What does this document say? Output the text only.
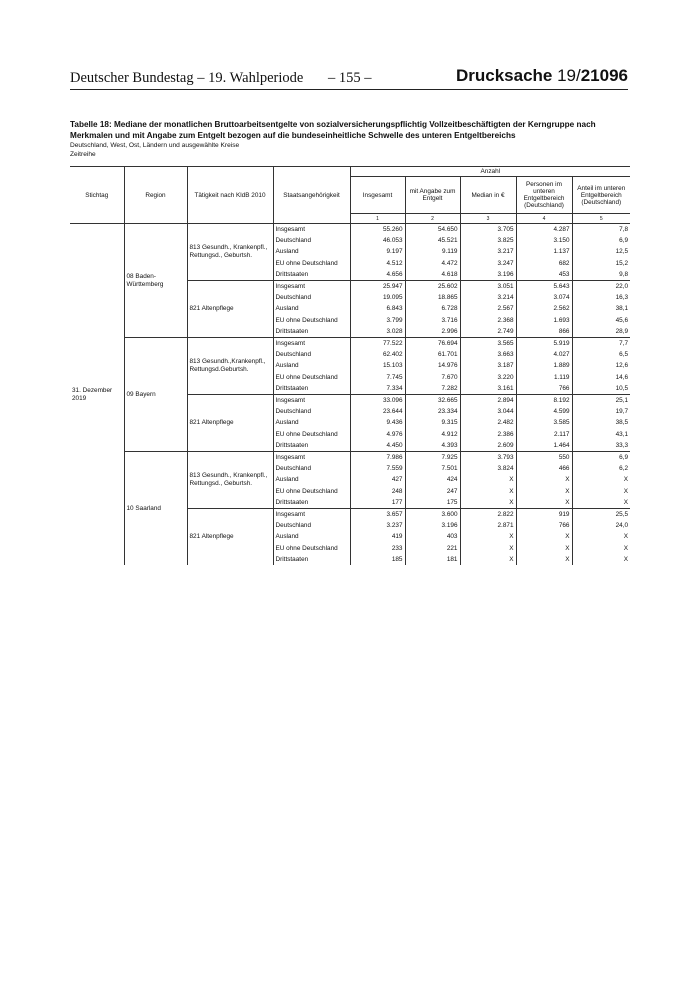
Deutscher Bundestag – 19. Wahlperiode – 155 –	Drucksache 19/21096
Tabelle 18: Mediane der monatlichen Bruttoarbeitsentgelte von sozialversicherungspflichtig Vollzeitbeschäftigten der Kerngruppe nach Merkmalen und mit Angabe zum Entgelt bezogen auf die bundeseinheitliche Schwelle des unteren Entgeltbereichs
Deutschland, West, Ost, Ländern und ausgewählte Kreise
Zeitreihe
Stichtag	Region	Tätigkeit nach KldB 2010	Staatsangehörigkeit	Anzahl				
				Insgesamt	mit Angabe zum Entgelt	Median in €	Personen im unteren Entgeltbereich (Deutschland)	Anteil im unteren Entgeltbereich (Deutschland)
				1	2	3	4	5
31. Dezember 2019	08 Baden-Württemberg	813 Gesundh., Krankenpfl., Rettungsd., Geburtsh.	Insgesamt	55.260	54.650	3.705	4.287	7,8
			Deutschland	46.053	45.521	3.825	3.150	6,9
			Ausland	9.197	9.119	3.217	1.137	12,5
			EU ohne Deutschland	4.512	4.472	3.247	682	15,2
			Drittstaaten	4.656	4.618	3.196	453	9,8
		821 Altenpflege	Insgesamt	25.947	25.602	3.051	5.643	22,0
			Deutschland	19.095	18.865	3.214	3.074	16,3
			Ausland	6.843	6.728	2.567	2.562	38,1
			EU ohne Deutschland	3.799	3.716	2.368	1.693	45,6
			Drittstaaten	3.028	2.996	2.749	866	28,9
	09 Bayern	813 Gesundh.,Krankenpfl., Rettungsd.Geburtsh.	Insgesamt	77.522	76.694	3.565	5.919	7,7
			Deutschland	62.402	61.701	3.663	4.027	6,5
			Ausland	15.103	14.976	3.187	1.889	12,6
			EU ohne Deutschland	7.745	7.670	3.220	1.119	14,6
			Drittstaaten	7.334	7.282	3.161	766	10,5
		821 Altenpflege	Insgesamt	33.096	32.665	2.894	8.192	25,1
			Deutschland	23.644	23.334	3.044	4.599	19,7
			Ausland	9.436	9.315	2.482	3.585	38,5
			EU ohne Deutschland	4.976	4.912	2.386	2.117	43,1
			Drittstaaten	4.450	4.393	2.609	1.464	33,3
	10 Saarland	813 Gesundh., Krankenpfl., Rettungsd., Geburtsh.	Insgesamt	7.986	7.925	3.793	550	6,9
			Deutschland	7.559	7.501	3.824	466	6,2
			Ausland	427	424	X	X	X
			EU ohne Deutschland	248	247	X	X	X
			Drittstaaten	177	175	X	X	X
		821 Altenpflege	Insgesamt	3.657	3.600	2.822	919	25,5
			Deutschland	3.237	3.196	2.871	766	24,0
			Ausland	419	403	X	X	X
			EU ohne Deutschland	233	221	X	X	X
			Drittstaaten	185	181	X	X	X
